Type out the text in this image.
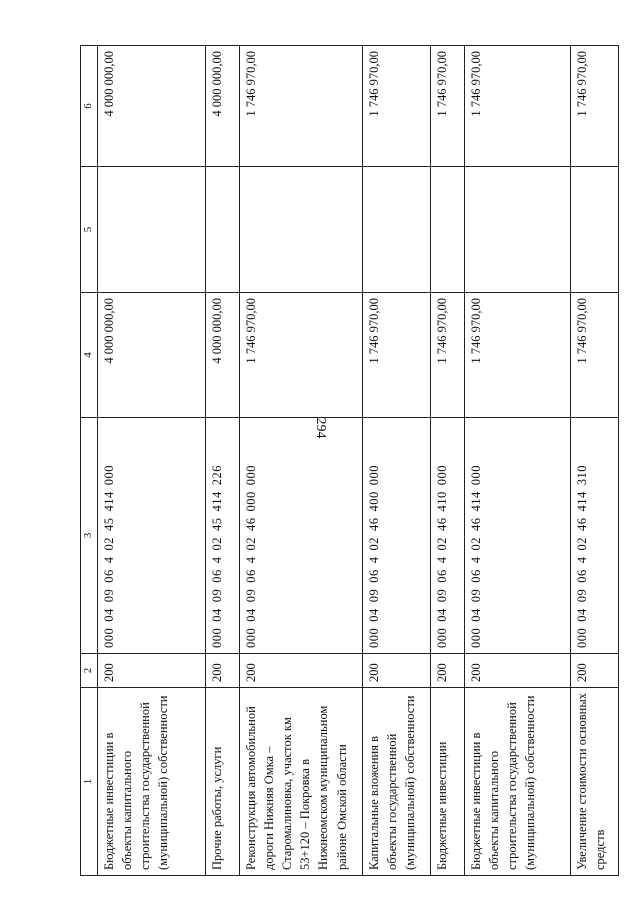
294
1	2	3	4	5	6
Бюджетные инвестиции в объекты капитального строительства государственной (муниципальной) собственности	200	00004090640245414000	4 000 000,00		4 000 000,00
Прочие работы, услуги	200	00004090640245414226	4 000 000,00		4 000 000,00
Реконструкция автомобильной дороги Нижняя Омка – Старомалиновка, участок км 53+120 – Покровка в Нижнеомском муниципальном районе Омской области	200	00004090640246000000	1 746 970,00		1 746 970,00
Капитальные вложения в объекты государственной (муниципальной) собственности	200	00004090640246400000	1 746 970,00		1 746 970,00
Бюджетные инвестиции	200	00004090640246410000	1 746 970,00		1 746 970,00
Бюджетные инвестиции в объекты капитального строительства государственной (муниципальной) собственности	200	00004090640246414000	1 746 970,00		1 746 970,00
Увеличение стоимости основных средств	200	00004090640246414310	1 746 970,00		1 746 970,00
